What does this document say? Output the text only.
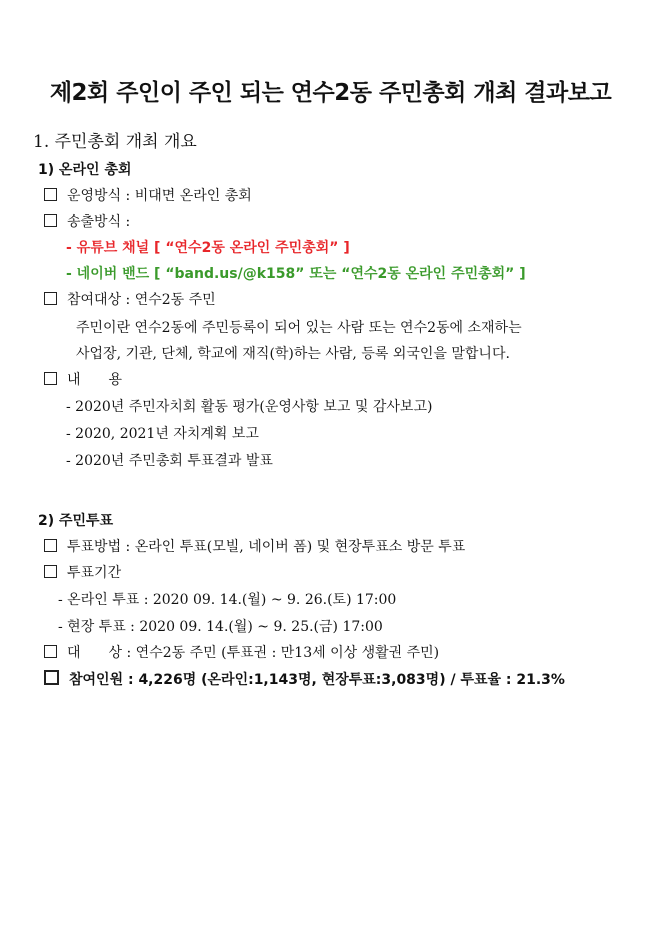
제2회 주인이 주인 되는 연수2동 주민총회 개최 결과보고
1. 주민총회 개최 개요
1) 온라인 총회
운영방식 : 비대면 온라인 총회
송출방식 :
- 유튜브 채널 [ “연수2동 온라인 주민총회” ]
- 네이버 밴드 [ “band.us/@k158” 또는 “연수2동 온라인 주민총회” ]
참여대상 : 연수2동 주민
주민이란 연수2동에 주민등록이 되어 있는 사람 또는 연수2동에 소재하는
사업장, 기관, 단체, 학교에 재직(학)하는 사람, 등록 외국인을 말합니다.
내 용
- 2020년 주민자치회 활동 평가(운영사항 보고 및 감사보고)
- 2020, 2021년 자치계획 보고
- 2020년 주민총회 투표결과 발표
2) 주민투표
투표방법 : 온라인 투표(모빌, 네이버 폼) 및 현장투표소 방문 투표
투표기간
- 온라인 투표 : 2020 09. 14.(월) ~ 9. 26.(토) 17:00
- 현장 투표 : 2020 09. 14.(월) ~ 9. 25.(금) 17:00
대 상 : 연수2동 주민 (투표권 : 만13세 이상 생활권 주민)
참여인원 : 4,226명 (온라인:1,143명, 현장투표:3,083명) / 투표율 : 21.3%
